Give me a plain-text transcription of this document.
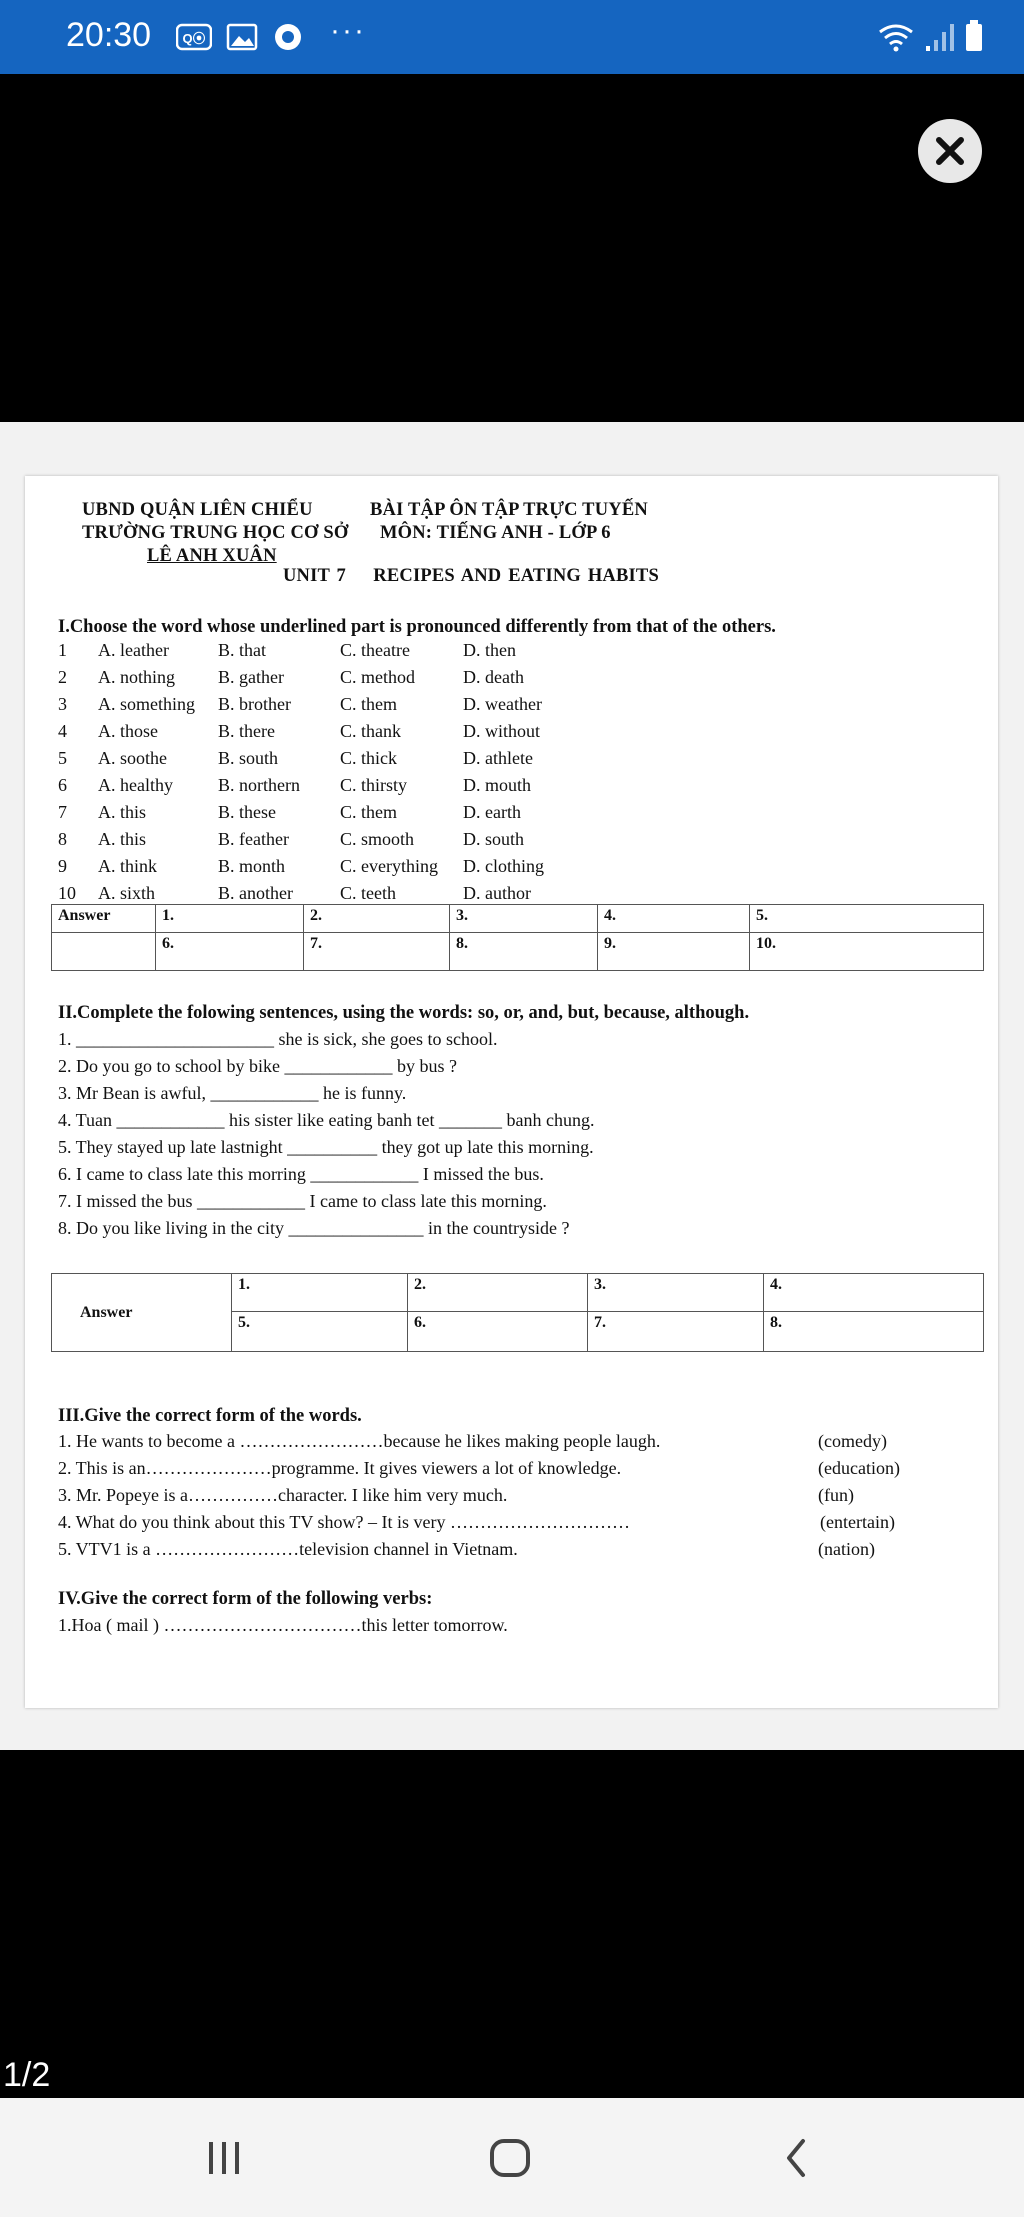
20:30 Q⦿	···
UBND QUẬN LIÊN CHIỂU
TRƯỜNG TRUNG HỌC CƠ SỞ
LÊ ANH XUÂN
BÀI TẬP ÔN TẬP TRỰC TUYẾN
MÔN: TIẾNG ANH - LỚP 6
UNIT 7    RECIPES AND EATING HABITS
I.Choose the word whose underlined part is pronounced differently from that of the others.
1 A. leather	B. that	C. theatre	D. then
2 A. nothing B. gather	C. method	D. death
3 A. something B. brother	C. them	D. weather
4 A. those	B. there	C. thank	D. without
5 A. soothe	B. south	C. thick	D. athlete
6 A. healthy	B. northern C. thirsty	D. mouth
7 A. this	B. these	C. them	D. earth
8 A. this	B. feather	C. smooth	D. south
9 A. think	B. month	C. everything D. clothing
10 A. sixth	B. another	C. teeth	D. author
Answer	1.	2.	3.	4.	5.
	6.	7.	8.	9.	10.
II.Complete the folowing sentences, using the words: so, or, and, but, because, although.
1. ______________________ she is sick, she goes to school.
2. Do you go to school by bike ____________ by bus ?
3. Mr Bean is awful, ____________ he is funny.
4. Tuan ____________ his sister like eating banh tet _______ banh chung.
5. They stayed up late lastnight __________ they got up late this morning.
6. I came to class late this morring ____________ I missed the bus.
7. I missed the bus ____________ I came to class late this morning.
8. Do you like living in the city _______________ in the countryside ?
Answer	1.	2.	3.	4.
	5.	6.	7.	8.
III.Give the correct form of the words.
1. He wants to become a ……………………because he likes making people laugh.	(comedy)
2. This is an…………………programme. It gives viewers a lot of knowledge.	(education)
3. Mr. Popeye is a……………character. I like him very much.	(fun)
4. What do you think about this TV show? – It is very …………………………	(entertain)
5. VTV1 is a ……………………television channel in Vietnam.	(nation)
IV.Give the correct form of the following verbs:
1.Hoa ( mail ) ……………………………this letter tomorrow.
1/2
